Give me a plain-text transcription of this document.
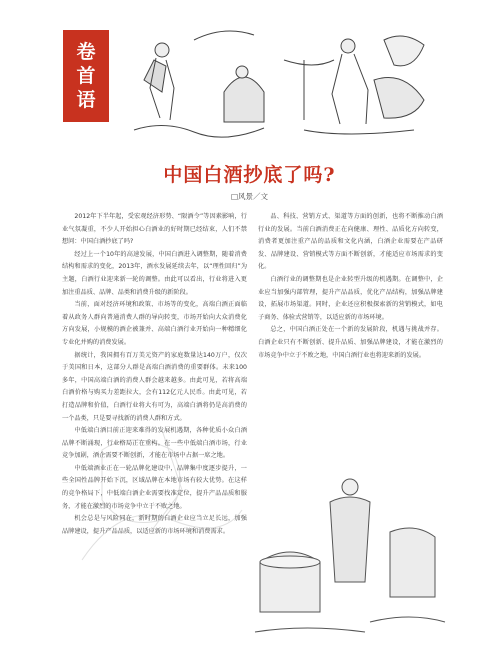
卷
首
语
中国白酒抄底了吗?
□风景／文

2012年下半年起，受宏观经济形势、“限酒令”等因素影响，行业气氛凝重，不少人开始担心白酒业的好时期已经结束，人们不禁想问：中国白酒抄底了吗?

经过上一个10年的高速发展，中国白酒进入调整期，随着消费结构和需求的变化，2013年，酒水发展延续去年，以“理性回归”为主题，白酒行业迎来新一轮的调整。由此可以看出，行业将进入更加注重品质、品牌、品类和消费升级的新阶段。

当前，面对经济环境和政策、市场等的变化，高端白酒正面临着从政务人群向普通消费人群的导向转变，市场开始向大众消费化方向发展，小规模的酒企被兼并、高端白酒行业开始向一种精细化专业化并购的消费发展。

据统计，我国拥有百万美元资产的家庭数量达140万户，仅次于美国和日本，这部分人群是高端白酒消费的重要群体。未来100多年，中国高端白酒的消费人群会越来越多。由此可见，若将高端白酒价格与购买力差距拉大，会有112亿元人民币。由此可见，若打造品牌和价值，白酒行业将大有可为，高端白酒将仍是高消费的一个品类，只是要寻找新的消费人群和方式。

中低端白酒目前正迎来难得的发展机遇期，各种优质小众白酒品牌不断涌现，行业格局正在重构。在一些中低端白酒市场，行业竞争加剧，酒企需要不断创新，才能在市场中占据一席之地。

中低端酒业正在一轮品牌化建设中，品牌集中度逐步提升，一些全国性品牌开始下沉，区域品牌在本地市场有较大优势。在这样的竞争格局下，中低端白酒企业需要找准定位，提升产品品质和服务，才能在激烈的市场竞争中立于不败之地。

机会总是与风险同在，新时期的白酒企业应当立足长远，加强品牌建设，提升产品品质，以适应新的市场环境和消费需求。

品、科技、营销方式、渠道等方面的创新，也将不断推动白酒行业的发展。当前白酒消费正在向健康、理性、品质化方向转变，消费者更加注重产品的品质和文化内涵，白酒企业需要在产品研发、品牌建设、营销模式等方面不断创新，才能适应市场需求的变化。

白酒行业的调整期也是企业转型升级的机遇期。在调整中，企业应当加强内部管理，提升产品品质，优化产品结构，加强品牌建设，拓展市场渠道。同时，企业还应积极探索新的营销模式，如电子商务、体验式营销等，以适应新的市场环境。

总之，中国白酒正处在一个新的发展阶段，机遇与挑战并存。白酒企业只有不断创新、提升品质、加强品牌建设，才能在激烈的市场竞争中立于不败之地，中国白酒行业也将迎来新的发展。
